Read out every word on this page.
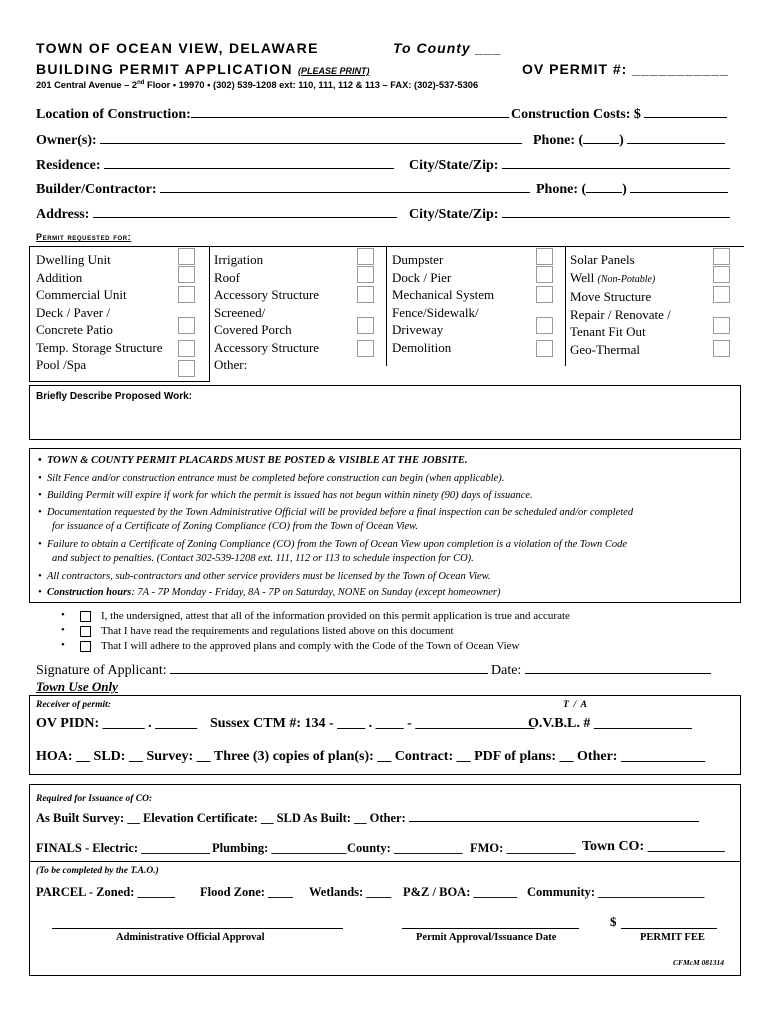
TOWN OF OCEAN VIEW, DELAWARE	To County ___
BUILDING PERMIT APPLICATION (PLEASE PRINT)	OV PERMIT #: ___________
201 Central Avenue – 2nd Floor • 19970 • (302) 539-1208 ext: 110, 111, 112 & 113 – FAX: (302)-537-5306
Location of Construction:	Construction Costs: $
Owner(s):	Phone: (	)
Residence:	City/State/Zip:
Builder/Contractor:	Phone: (	)
Address:	City/State/Zip:
Permit requested for:
Dwelling Unit
Addition
Commercial Unit
Deck / Paver /
Concrete Patio
Temp. Storage Structure
Pool /Spa
Irrigation
Roof
Accessory Structure
Screened/
Covered Porch
Accessory Structure
Other:
Dumpster
Dock / Pier
Mechanical System
Fence/Sidewalk/
Driveway
Demolition
Solar Panels
Well (Non-Potable)
Move Structure
Repair / Renovate /
Tenant Fit Out
Geo-Thermal
Briefly Describe Proposed Work:
•  TOWN & COUNTY PERMIT PLACARDS MUST BE POSTED & VISIBLE AT THE JOBSITE.
•  Silt Fence and/or construction entrance must be completed before construction can begin (when applicable).
•  Building Permit will expire if work for which the permit is issued has not begun within ninety (90) days of issuance.
•  Documentation requested by the Town Administrative Official will be provided before a final inspection can be scheduled and/or completed
for issuance of a Certificate of Zoning Compliance (CO) from the Town of Ocean View.
•  Failure to obtain a Certificate of Zoning Compliance (CO) from the Town of Ocean View upon completion is a violation of the Town Code
and subject to penalties. (Contact 302-539-1208 ext. 111, 112 or 113 to schedule inspection for CO).
•  All contractors, sub-contractors and other service providers must be licensed by the Town of Ocean View.
•  Construction hours: 7A - 7P Monday - Friday, 8A - 7P on Saturday, NONE on Sunday (except homeowner)
•	I, the undersigned, attest that all of the information provided on this permit application is true and accurate
•	That I have read the requirements and regulations listed above on this document
•	That I will adhere to the approved plans and comply with the Code of the Town of Ocean View
Signature of Applicant:	Date:
Town Use Only
Receiver of permit:	T  /  A
OV PIDN: ______ . ______ Sussex CTM #: 134 - ____ . ____ - _________________
O.V.B.L. # ______________
HOA: __ SLD: __ Survey: __ Three (3) copies of plan(s): __ Contract: __ PDF of plans: __ Other: ____________
Required for Issuance of CO:
As Built Survey: __ Elevation Certificate: __ SLD As Built: __ Other:
FINALS - Electric: ___________ Plumbing: ____________ County: ___________ FMO: ___________ Town CO: ___________
(To be completed by the T.A.O.)
PARCEL - Zoned: ______ Flood Zone: ____ Wetlands: ____ P&Z / BOA: _______ Community: _________________
Administrative Official Approval	Permit Approval/Issuance Date
$
PERMIT FEE
CFMcM 081314
